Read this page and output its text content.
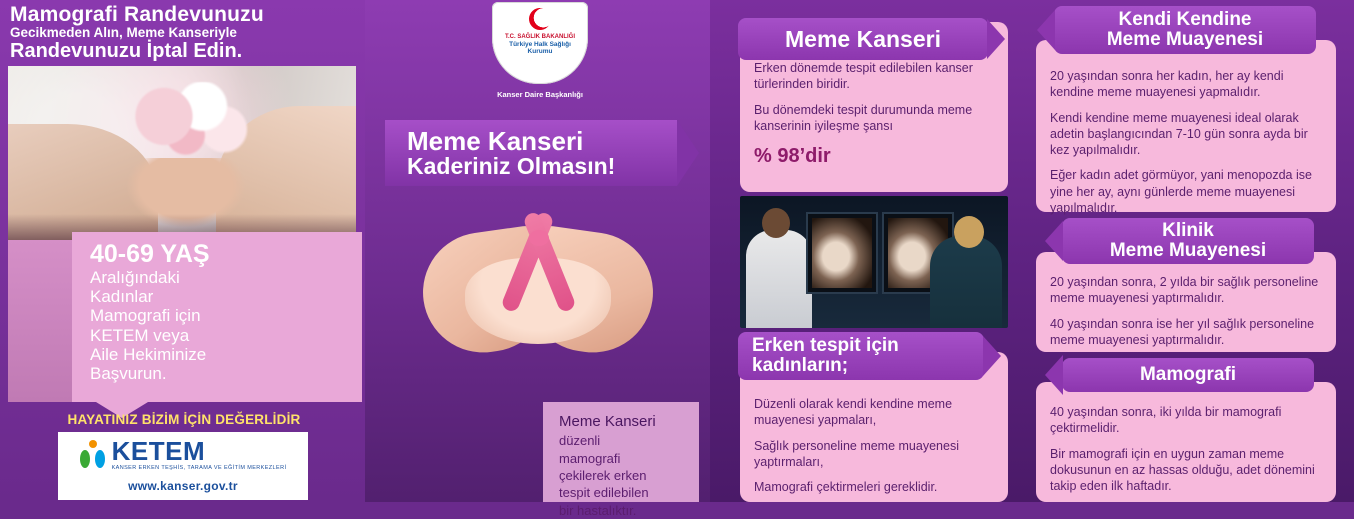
Mamografi Randevunuzu
Gecikmeden Alın, Meme Kanseriyle
Randevunuzu İptal Edin.
40-69 YAŞ
Aralığındaki
Kadınlar
Mamografi için
KETEM veya
Aile Hekiminize
Başvurun.
HAYATINIZ BİZİM İÇİN DEĞERLİDİR
KETEM
KANSER ERKEN TEŞHİS, TARAMA VE EĞİTİM MERKEZLERİ
www.kanser.gov.tr
T.C. SAĞLIK BAKANLIĞI
Türkiye Halk Sağlığı
Kurumu
Kanser Daire Başkanlığı
Meme Kanseri
Kaderiniz Olmasın!
Meme Kanseri
düzenli
mamografi
çekilerek erken
tespit edilebilen
bir hastalıktır.

Erken dönemde tespit edilebilen kanser türlerinden biridir.

Bu dönemdeki tespit durumunda meme kanserinin iyileşme şansı

% 98’dir
Meme Kanseri

Düzenli olarak kendi kendine meme muayenesi yapmaları,

Sağlık personeline meme muayenesi yaptırmaları,

Mamografi çektirmeleri gereklidir.

Erken tespit için
kadınların;

20 yaşından sonra her kadın, her ay kendi kendine meme muayenesi yapmalıdır.

Kendi kendine meme muayenesi ideal olarak adetin başlangıcından 7-10 gün sonra ayda bir kez yapılmalıdır.

Eğer kadın adet görmüyor, yani menopozda ise yine her ay, aynı günlerde meme muayenesi yapılmalıdır.

Kendi Kendine
Meme Muayenesi

20 yaşından sonra, 2 yılda bir sağlık personeline meme muayenesi yaptırmalıdır.

40 yaşından sonra ise her yıl sağlık personeline meme muayenesi yaptırmalıdır.

Klinik
Meme Muayenesi

40 yaşından sonra, iki yılda bir mamografi çektirmelidir.

Bir mamografi için en uygun zaman meme dokusunun en az hassas olduğu, adet dönemini takip eden ilk haftadır.

Mamografi
